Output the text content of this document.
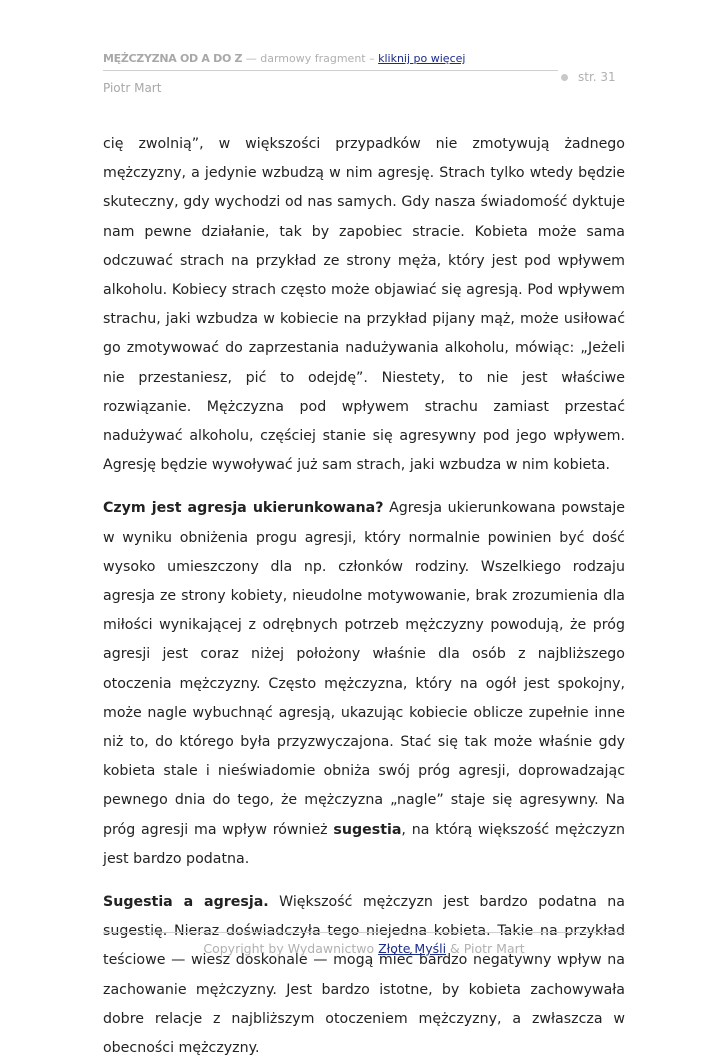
MĘŻCZYZNA OD A DO Z — darmowy fragment – kliknij po więcej
str. 31
Piotr Mart

cię zwolnią”, w większości przypadków nie zmotywują żadnego mężczyzny, a jedynie wzbudzą w nim agresję. Strach tylko wtedy będzie skuteczny, gdy wychodzi od nas samych. Gdy nasza świadomość dyktuje nam pewne działanie, tak by zapobiec stracie. Kobieta może sama odczuwać strach na przykład ze strony męża, który jest pod wpływem alkoholu. Kobiecy strach często może objawiać się agresją. Pod wpływem strachu, jaki wzbudza w kobiecie na przykład pijany mąż, może usiłować go zmotywować do zaprzestania nadużywania alkoholu, mówiąc: „Jeżeli nie przestaniesz, pić to odejdę”. Niestety, to nie jest właściwe rozwiązanie. Mężczyzna pod wpływem strachu zamiast przestać nadużywać alkoholu, częściej stanie się agresywny pod jego wpływem. Agresję będzie wywoływać już sam strach, jaki wzbudza w nim kobieta.

Czym jest agresja ukierunkowana? Agresja ukierunkowana powstaje w wyniku obniżenia progu agresji, który normalnie powinien być dość wysoko umieszczony dla np. członków rodziny. Wszelkiego rodzaju agresja ze strony kobiety, nieudolne motywowanie, brak zrozumienia dla miłości wynikającej z odrębnych potrzeb mężczyzny powodują, że próg agresji jest coraz niżej położony właśnie dla osób z najbliższego otoczenia mężczyzny. Często mężczyzna, który na ogół jest spokojny, może nagle wybuchnąć agresją, ukazując kobiecie oblicze zupełnie inne niż to, do którego była przyzwyczajona. Stać się tak może właśnie gdy kobieta stale i nieświadomie obniża swój próg agresji, doprowadzając pewnego dnia do tego, że mężczyzna „nagle” staje się agresywny. Na próg agresji ma wpływ również sugestia, na którą większość mężczyzn jest bardzo podatna.

Sugestia a agresja. Większość mężczyzn jest bardzo podatna na sugestię. Nieraz doświadczyła tego niejedna kobieta. Takie na przykład teściowe — wiesz doskonale — mogą mieć bardzo negatywny wpływ na zachowanie mężczyzny. Jest bardzo istotne, by kobieta zachowywała dobre relacje z najbliższym otoczeniem mężczyzny, a zwłaszcza w obecności mężczyzny.

Copyright by Wydawnictwo Złote Myśli & Piotr Mart
